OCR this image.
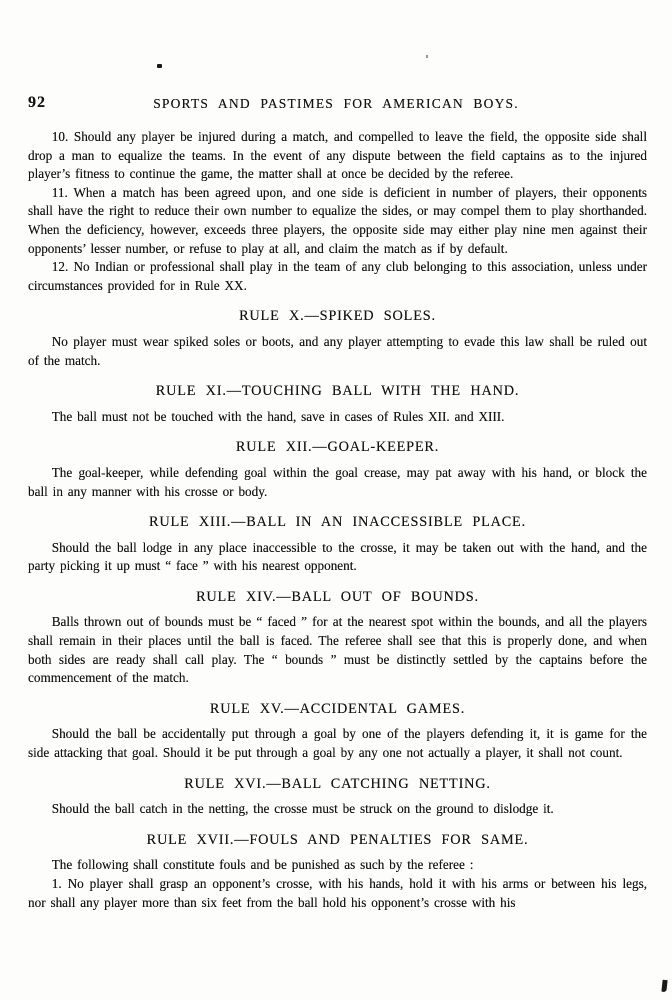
92	SPORTS AND PASTIMES FOR AMERICAN BOYS.

10. Should any player be injured during a match, and compelled to leave the field, the opposite side shall drop a man to equalize the teams. In the event of any dispute between the field captains as to the injured player’s fitness to continue the game, the matter shall at once be decided by the referee.

11. When a match has been agreed upon, and one side is deficient in number of players, their opponents shall have the right to reduce their own number to equalize the sides, or may compel them to play shorthanded. When the deficiency, however, exceeds three players, the opposite side may either play nine men against their opponents’ lesser number, or refuse to play at all, and claim the match as if by default.

12. No Indian or professional shall play in the team of any club belonging to this association, unless under circumstances provided for in Rule XX.

RULE X.—SPIKED SOLES.

No player must wear spiked soles or boots, and any player attempting to evade this law shall be ruled out of the match.

RULE XI.—TOUCHING BALL WITH THE HAND.

The ball must not be touched with the hand, save in cases of Rules XII. and XIII.

RULE XII.—GOAL-KEEPER.

The goal-keeper, while defending goal within the goal crease, may pat away with his hand, or block the ball in any manner with his crosse or body.

RULE XIII.—BALL IN AN INACCESSIBLE PLACE.

Should the ball lodge in any place inaccessible to the crosse, it may be taken out with the hand, and the party picking it up must “ face ” with his nearest opponent.

RULE XIV.—BALL OUT OF BOUNDS.

Balls thrown out of bounds must be “ faced ” for at the nearest spot within the bounds, and all the players shall remain in their places until the ball is faced. The referee shall see that this is properly done, and when both sides are ready shall call play. The “ bounds ” must be distinctly settled by the captains before the commencement of the match.

RULE XV.—ACCIDENTAL GAMES.

Should the ball be accidentally put through a goal by one of the players defending it, it is game for the side attacking that goal. Should it be put through a goal by any one not actually a player, it shall not count.

RULE XVI.—BALL CATCHING NETTING.

Should the ball catch in the netting, the crosse must be struck on the ground to dislodge it.

RULE XVII.—FOULS AND PENALTIES FOR SAME.

The following shall constitute fouls and be punished as such by the referee :

1. No player shall grasp an opponent’s crosse, with his hands, hold it with his arms or between his legs, nor shall any player more than six feet from the ball hold his opponent’s crosse with his
